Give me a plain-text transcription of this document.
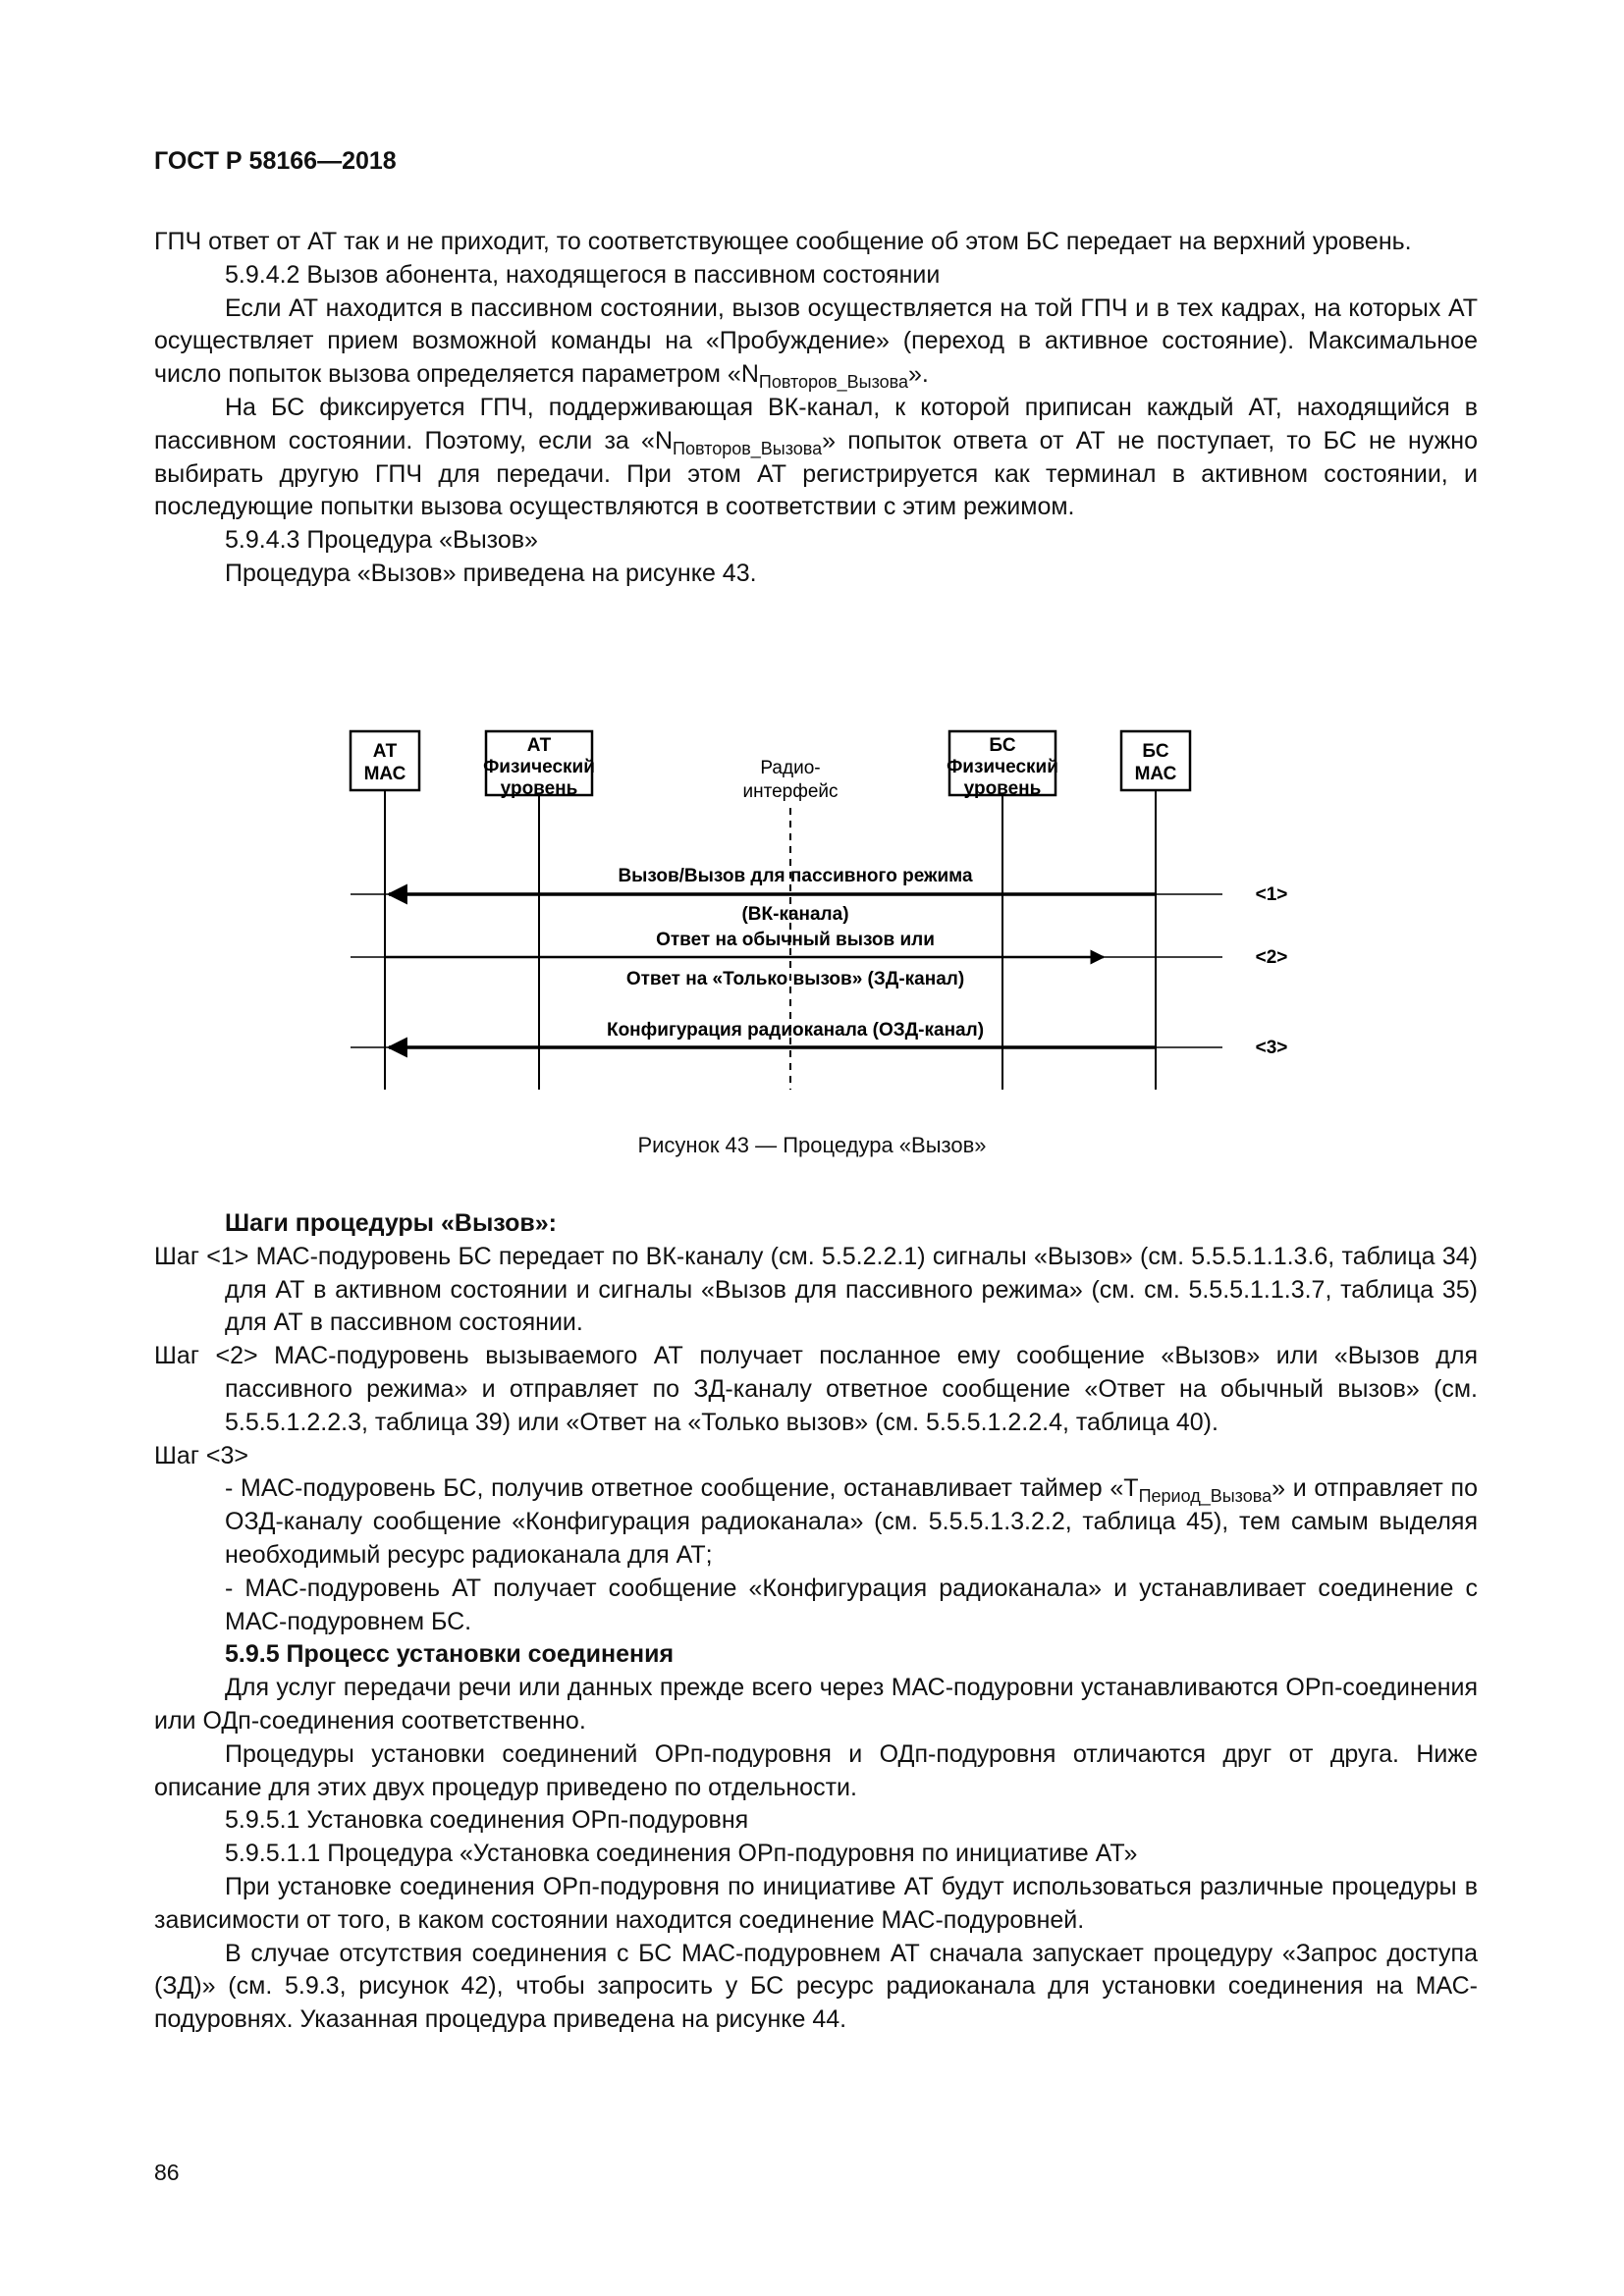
ГОСТ Р 58166—2018

ГПЧ ответ от АТ так и не приходит, то соответствующее сообщение об этом БС передает на верхний уровень.

5.9.4.2 Вызов абонента, находящегося в пассивном состоянии

Если АТ находится в пассивном состоянии, вызов осуществляется на той ГПЧ и в тех кадрах, на которых АТ осуществляет прием возможной команды на «Пробуждение» (переход в активное состояние). Максимальное число попыток вызова определяется параметром «$N_{Повторов\_Вызова}$».

На БС фиксируется ГПЧ, поддерживающая ВК-канал, к которой приписан каждый АТ, находящийся в пассивном состоянии. Поэтому, если за «$N_{Повторов\_Вызова}$» попыток ответа от АТ не поступает, то БС не нужно выбирать другую ГПЧ для передачи. При этом АТ регистрируется как терминал в активном состоянии, и последующие попытки вызова осуществляются в соответствии с этим режимом.

5.9.4.3 Процедура «Вызов»

Процедура «Вызов» приведена на рисунке 43.

АТ
МАС
АТ
Физический
уровень
Радио-
интерфейс
БС
Физический
уровень
БС
МАС
Вызов/Вызов для пассивного режима
(ВК-канала)
Ответ на обычный вызов или
Ответ на «Только вызов» (ЗД-канал)
Конфигурация радиоканала (ОЗД-канал)
<1>
<2>
<3>
Рисунок 43 — Процедура «Вызов»

Шаги процедуры «Вызов»:

Шаг <1> МАС-подуровень БС передает по ВК-каналу (см. 5.5.2.2.1) сигналы «Вызов» (см. 5.5.5.1.1.3.6, таблица 34) для АТ в активном состоянии и сигналы «Вызов для пассивного режима» (см. см. 5.5.5.1.1.3.7, таблица 35) для АТ в пассивном состоянии.

Шаг <2> МАС-подуровень вызываемого АТ получает посланное ему сообщение «Вызов» или «Вызов для пассивного режима» и отправляет по ЗД-каналу ответное сообщение «Ответ на обычный вызов» (см. 5.5.5.1.2.2.3, таблица 39) или «Ответ на «Только вызов» (см. 5.5.5.1.2.2.4, таблица 40).

Шаг <3>

- МАС-подуровень БС, получив ответное сообщение, останавливает таймер «$Т_{Период\_Вызова}$» и отправляет по ОЗД-каналу сообщение «Конфигурация радиоканала» (см. 5.5.5.1.3.2.2, таблица 45), тем самым выделяя необходимый ресурс радиоканала для АТ;

- МАС-подуровень АТ получает сообщение «Конфигурация радиоканала» и устанавливает соединение с МАС-подуровнем БС.

5.9.5 Процесс установки соединения

Для услуг передачи речи или данных прежде всего через МАС-подуровни устанавливаются ОРп-соединения или ОДп-соединения соответственно.

Процедуры установки соединений ОРп-подуровня и ОДп-подуровня отличаются друг от друга. Ниже описание для этих двух процедур приведено по отдельности.

5.9.5.1 Установка соединения ОРп-подуровня

5.9.5.1.1 Процедура «Установка соединения ОРп-подуровня по инициативе АТ»

При установке соединения ОРп-подуровня по инициативе АТ будут использоваться различные процедуры в зависимости от того, в каком состоянии находится соединение МАС-подуровней.

В случае отсутствия соединения с БС МАС-подуровнем АТ сначала запускает процедуру «Запрос доступа (ЗД)» (см. 5.9.3, рисунок 42), чтобы запросить у БС ресурс радиоканала для установки соединения на МАС-подуровнях. Указанная процедура приведена на рисунке 44.

86
